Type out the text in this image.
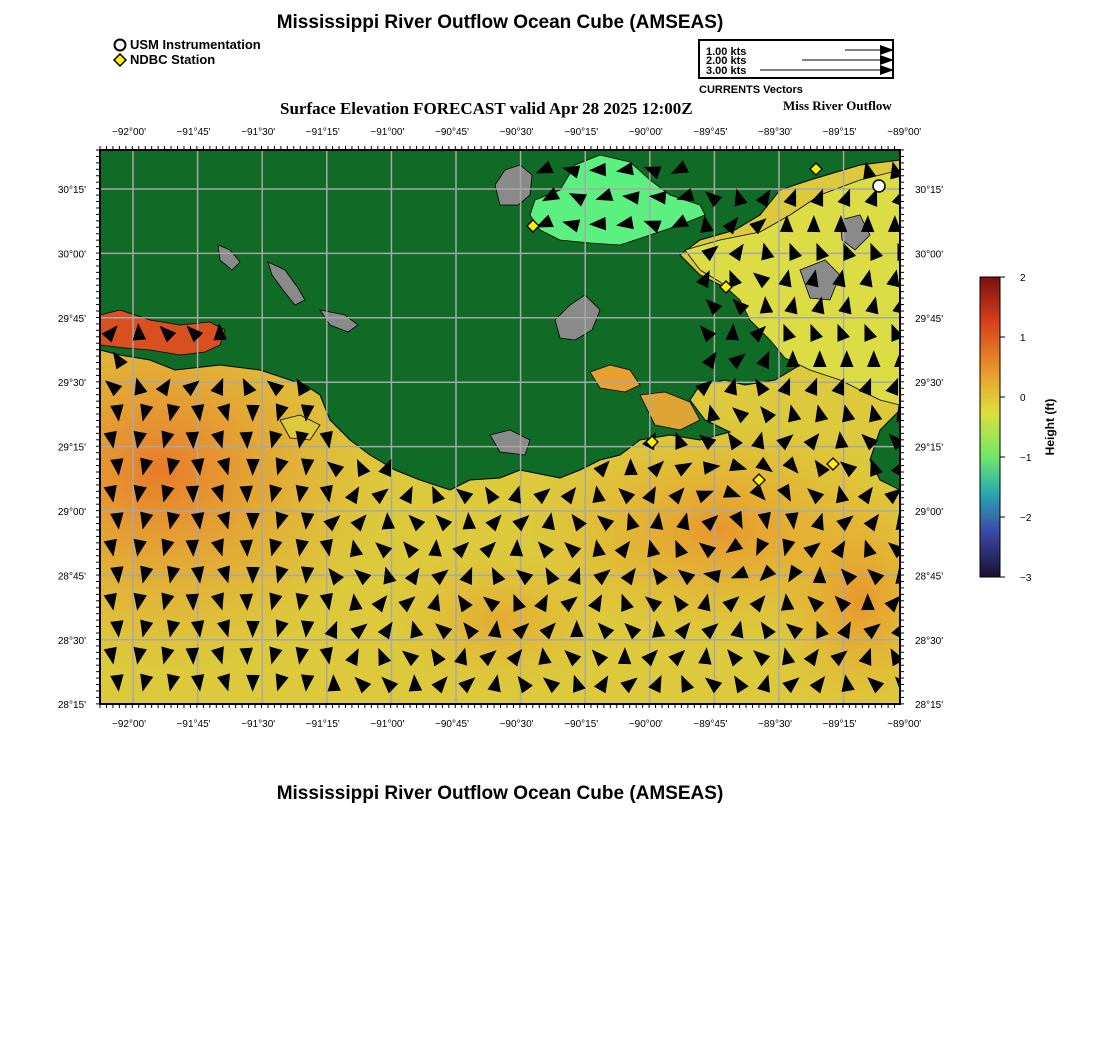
Mississippi River Outflow Ocean Cube (AMSEAS)
USM Instrumentation
NDBC Station	1.00 kts
2.00 kts
3.00 kts
CURRENTS Vectors
Surface Elevation FORECAST valid Apr 28 2025 12:00Z	Miss River Outflow
−92°00'	−91°45'	−91°30'	−91°15'	−91°00'	−90°45'	−90°30'	−90°15'	−90°00'	−89°45'	−89°30'	−89°15'	−89°00'
−92°00'	−91°45'	−91°30'	−91°15'	−91°00'	−90°45'	−90°30'	−90°15'	−90°00'	−89°45'	−89°30'	−89°15'	−89°00'
30°15'
30°00'
29°45'
29°30'
29°15'
29°00'
28°45'
28°30'
28°15'
30°15'
30°00'
29°45'
29°30'
29°15'
29°00'
28°45'
28°30'
28°15'
2
1
0
−1
−2
−3
Height (ft)
Mississippi River Outflow Ocean Cube (AMSEAS)
